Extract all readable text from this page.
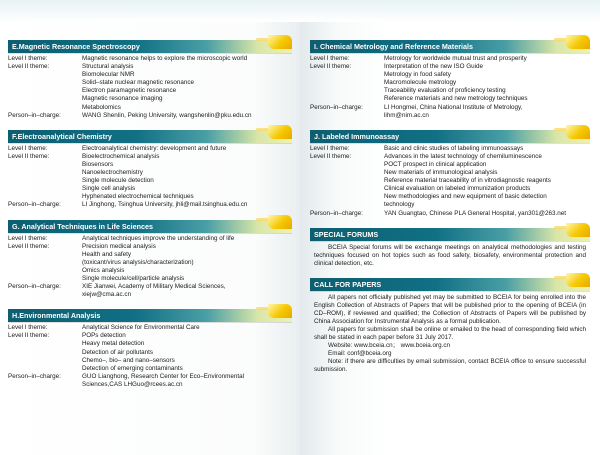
E.Magnetic Resonance Spectroscopy
Level I theme:	Magnetic resonance helps to explore the microscopic world
Level II theme:	Structural analysis
Biomolecular NMR
Solid–state nuclear magnetic resonance
Electron paramagnetic resonance
Magnetic resonance imaging
Metabolomics
Person–in–charge:	WANG Shenlin, Peking University, wangshenlin@pku.edu.cn
F.Electroanalytical Chemistry
Level I theme:	Electroanalytical chemistry: development and future
Level II theme:	Bioelectrochemical analysis
Biosensors
Nanoelectrochemistry
Single molecule detection
Single cell analysis
Hyphenated electrochemical techniques
Person–in–charge:	LI Jinghong, Tsinghua University, jhli@mail.tsinghua.edu.cn
G. Analytical Techniques in Life Sciences
Level I theme:	Analytical techniques improve the understanding of life
Level II theme:	Precision medical analysis
Health and safety
(toxicant/virus analysis/characterization)
Omics analysis
Single molecule/cell/particle analysis
Person–in–charge:	XIE Jianwei, Academy of Military Medical Sciences,
xiejw@cma.ac.cn
H.Environmental Analysis
Level I theme:	Analytical Science for Environmental Care
Level II theme:	POPs detection
Heavy metal detection
Detection of air pollutants
Chemo–, bio– and nano–sensors
Detection of emerging contaminants
Person–in–charge:	GUO Lianghong, Research Center for Eco–Environmental
Sciences,CAS LHGuo@rcees.ac.cn
I. Chemical Metrology and Reference Materials
Level I theme:	Metrology for worldwide mutual trust and prosperity
Level II theme:	Interpretation of the new ISO Guide
Metrology in food safety
Macromolecule metrology
Traceability evaluation of proficiency testing
Reference materials and new metrology techniques
Person–in–charge:	LI Hongmei, China National Institute of Metrology,
lihm@nim.ac.cn
J. Labeled Immunoassay
Level I theme:	Basic and clinic studies of labeling immunoassays
Level II theme:	Advances in the latest technology of chemiluminescence
POCT prospect in clinical application
New materials of immunological analysis
Reference material traceability of in vitrodiagnostic reagents
Clinical evaluation on labeled immunization products
New methodologies and new equipment of basic detection
technology
Person–in–charge:	YAN Guangtao, Chinese PLA General Hospital, yan301@263.net
SPECIAL FORUMS
BCEIA Special forums will be exchange meetings on analytical methodologies and testing techniques focused on hot topics such as food safety, biosafety, environmental protection and clinical detection, etc.
CALL FOR PAPERS
All papers not officially published yet may be submitted to BCEIA for being enrolled into the English Collection of Abstracts of Papers that will be published prior to the opening of BCEIA (in CD–ROM), if reviewed and qualified; the Collection of Abstracts of Papers will be published by China Association for Instrumental Analysis as a formal publication.
All papers for submission shall be online or emailed to the head of corresponding field which shall be stated in each paper before 31 July 2017.
Website: www.bceia.cn； www.bceia.org.cn
Email: conf@bceia.org
Note: if there are difficulties by email submission, contact BCEIA office to ensure successful submission.
